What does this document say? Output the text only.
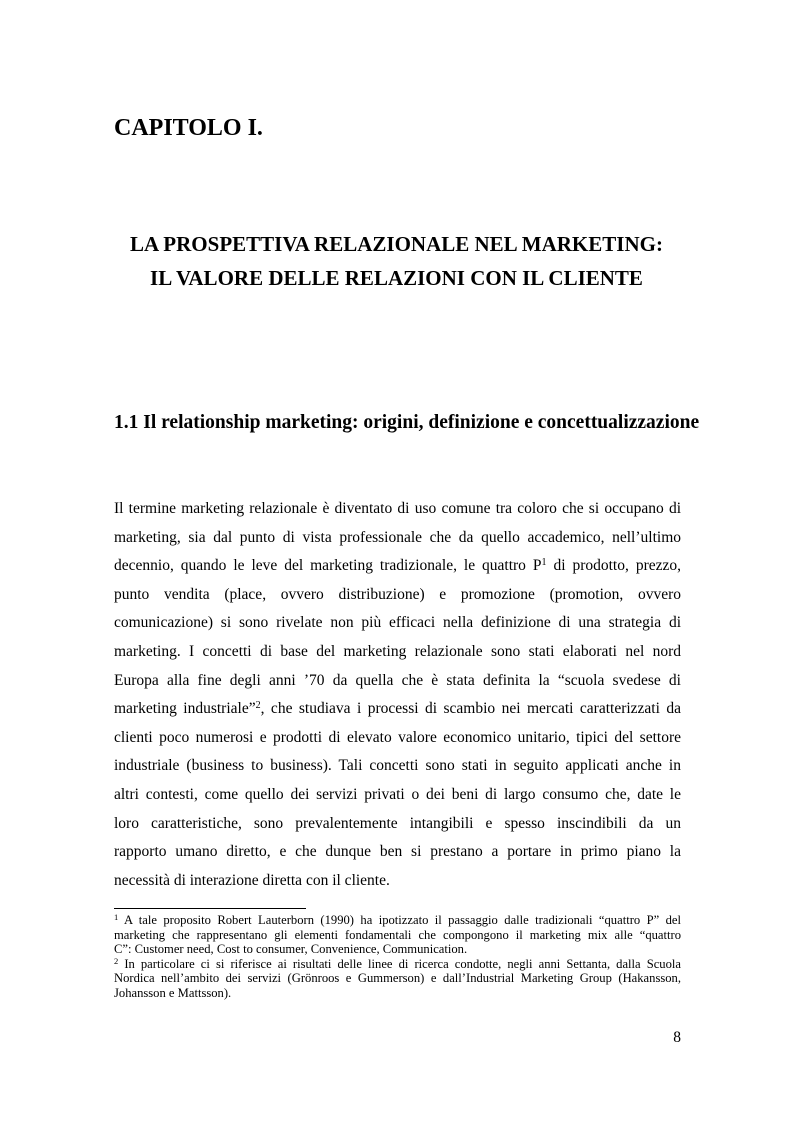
CAPITOLO I.
LA PROSPETTIVA RELAZIONALE NEL MARKETING:
IL VALORE DELLE RELAZIONI CON IL CLIENTE
1.1 Il relationship marketing: origini, definizione e concettualizzazione
Il termine marketing relazionale è diventato di uso comune tra coloro che si occupano di
marketing, sia dal punto di vista professionale che da quello accademico, nell’ultimo
decennio, quando le leve del marketing tradizionale, le quattro P$^1$ di prodotto, prezzo,
punto vendita (place, ovvero distribuzione) e promozione (promotion, ovvero
comunicazione) si sono rivelate non più efficaci nella definizione di una strategia di
marketing. I concetti di base del marketing relazionale sono stati elaborati nel nord
Europa alla fine degli anni ’70 da quella che è stata definita la “scuola svedese di
marketing industriale”$^2$, che studiava i processi di scambio nei mercati caratterizzati da
clienti poco numerosi e prodotti di elevato valore economico unitario, tipici del settore
industriale (business to business). Tali concetti sono stati in seguito applicati anche in
altri contesti, come quello dei servizi privati o dei beni di largo consumo che, date le
loro caratteristiche, sono prevalentemente intangibili e spesso inscindibili da un
rapporto umano diretto, e che dunque ben si prestano a portare in primo piano la
necessità di interazione diretta con il cliente.
$^1$ A tale proposito Robert Lauterborn (1990) ha ipotizzato il passaggio dalle tradizionali “quattro P” del
marketing che rappresentano gli elementi fondamentali che compongono il marketing mix alle “quattro
C”: Customer need, Cost to consumer, Convenience, Communication.
$^2$ In particolare ci si riferisce ai risultati delle linee di ricerca condotte, negli anni Settanta, dalla Scuola
Nordica nell’ambito dei servizi (Grönroos e Gummerson) e dall’Industrial Marketing Group (Hakansson,
Johansson e Mattsson).
8
